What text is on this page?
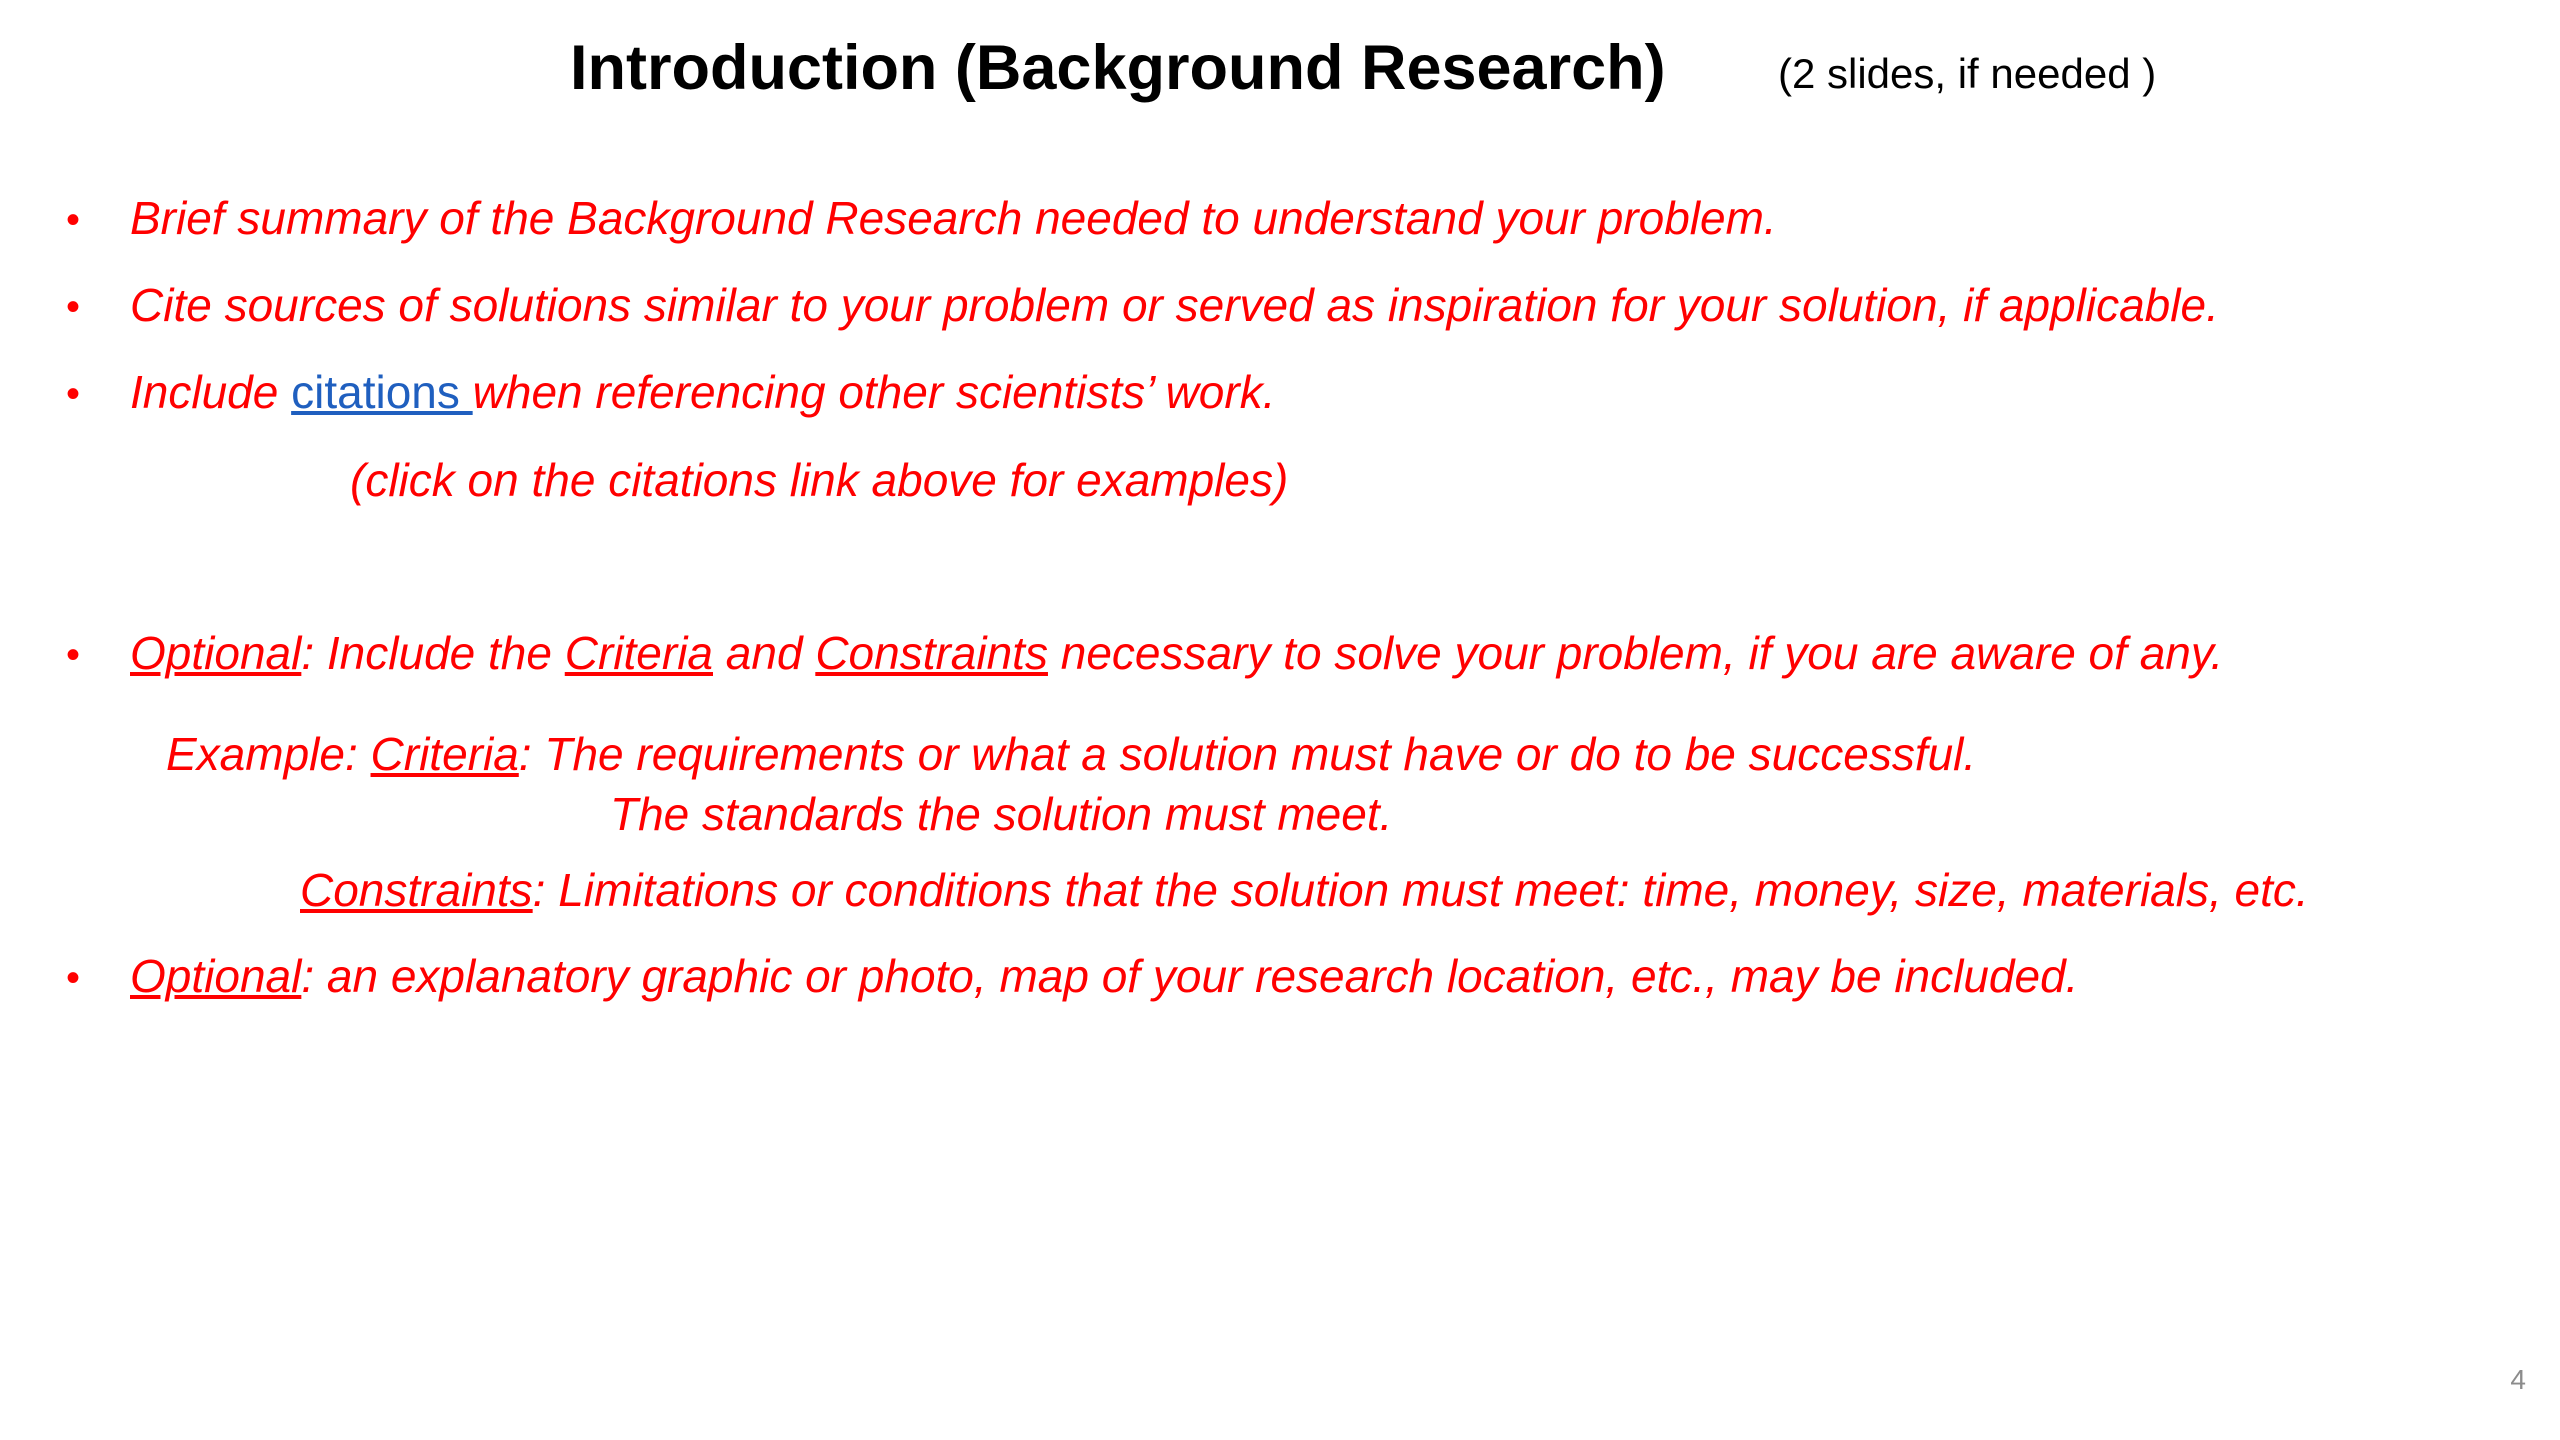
Introduction (Background Research)	(2 slides, if needed )
• Brief summary of the Background Research needed to understand your problem.
• Cite sources of solutions similar to your problem or served as inspiration for your solution, if applicable.
• Include citations when referencing other scientists’ work.
(click on the citations link above for examples)
• Optional: Include the Criteria and Constraints necessary to solve your problem, if you are aware of any.
Example: Criteria: The requirements or what a solution must have or do to be successful.
The standards the solution must meet.
Constraints: Limitations or conditions that the solution must meet: time, money, size, materials, etc.
• Optional: an explanatory graphic or photo, map of your research location, etc., may be included.
4
